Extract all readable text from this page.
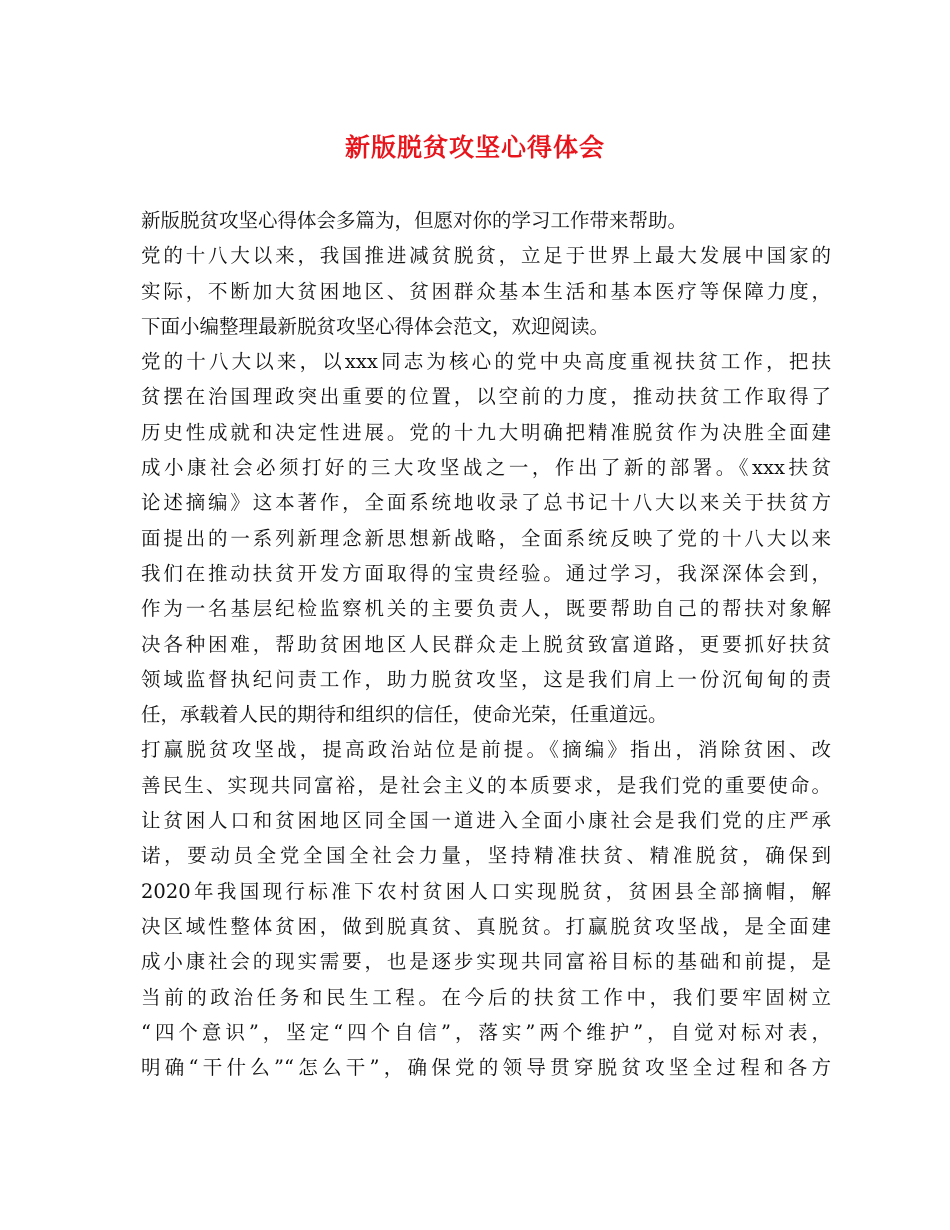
新版脱贫攻坚心得体会
新版脱贫攻坚心得体会多篇为，但愿对你的学习工作带来帮助。
党的十八大以来，我国推进减贫脱贫，立足于世界上最大发展中国家的
实际，不断加大贫困地区、贫困群众基本生活和基本医疗等保障力度，
下面小编整理最新脱贫攻坚心得体会范文，欢迎阅读。
党的十八大以来，以xxx同志为核心的党中央高度重视扶贫工作，把扶
贫摆在治国理政突出重要的位置，以空前的力度，推动扶贫工作取得了
历史性成就和决定性进展。党的十九大明确把精准脱贫作为决胜全面建
成小康社会必须打好的三大攻坚战之一，作出了新的部署。《xxx扶贫
论述摘编》这本著作，全面系统地收录了总书记十八大以来关于扶贫方
面提出的一系列新理念新思想新战略，全面系统反映了党的十八大以来
我们在推动扶贫开发方面取得的宝贵经验。通过学习，我深深体会到，
作为一名基层纪检监察机关的主要负责人，既要帮助自己的帮扶对象解
决各种困难，帮助贫困地区人民群众走上脱贫致富道路，更要抓好扶贫
领域监督执纪问责工作，助力脱贫攻坚，这是我们肩上一份沉甸甸的责
任，承载着人民的期待和组织的信任，使命光荣，任重道远。
打赢脱贫攻坚战，提高政治站位是前提。《摘编》指出，消除贫困、改
善民生、实现共同富裕，是社会主义的本质要求，是我们党的重要使命。
让贫困人口和贫困地区同全国一道进入全面小康社会是我们党的庄严承
诺，要动员全党全国全社会力量，坚持精准扶贫、精准脱贫，确保到
2020年我国现行标准下农村贫困人口实现脱贫，贫困县全部摘帽，解
决区域性整体贫困，做到脱真贫、真脱贫。打赢脱贫攻坚战，是全面建
成小康社会的现实需要，也是逐步实现共同富裕目标的基础和前提，是
当前的政治任务和民生工程。在今后的扶贫工作中，我们要牢固树立
“四个意识”，坚定“四个自信”，落实”两个维护”，自觉对标对表，
明确“干什么”“怎么干”，确保党的领导贯穿脱贫攻坚全过程和各方
